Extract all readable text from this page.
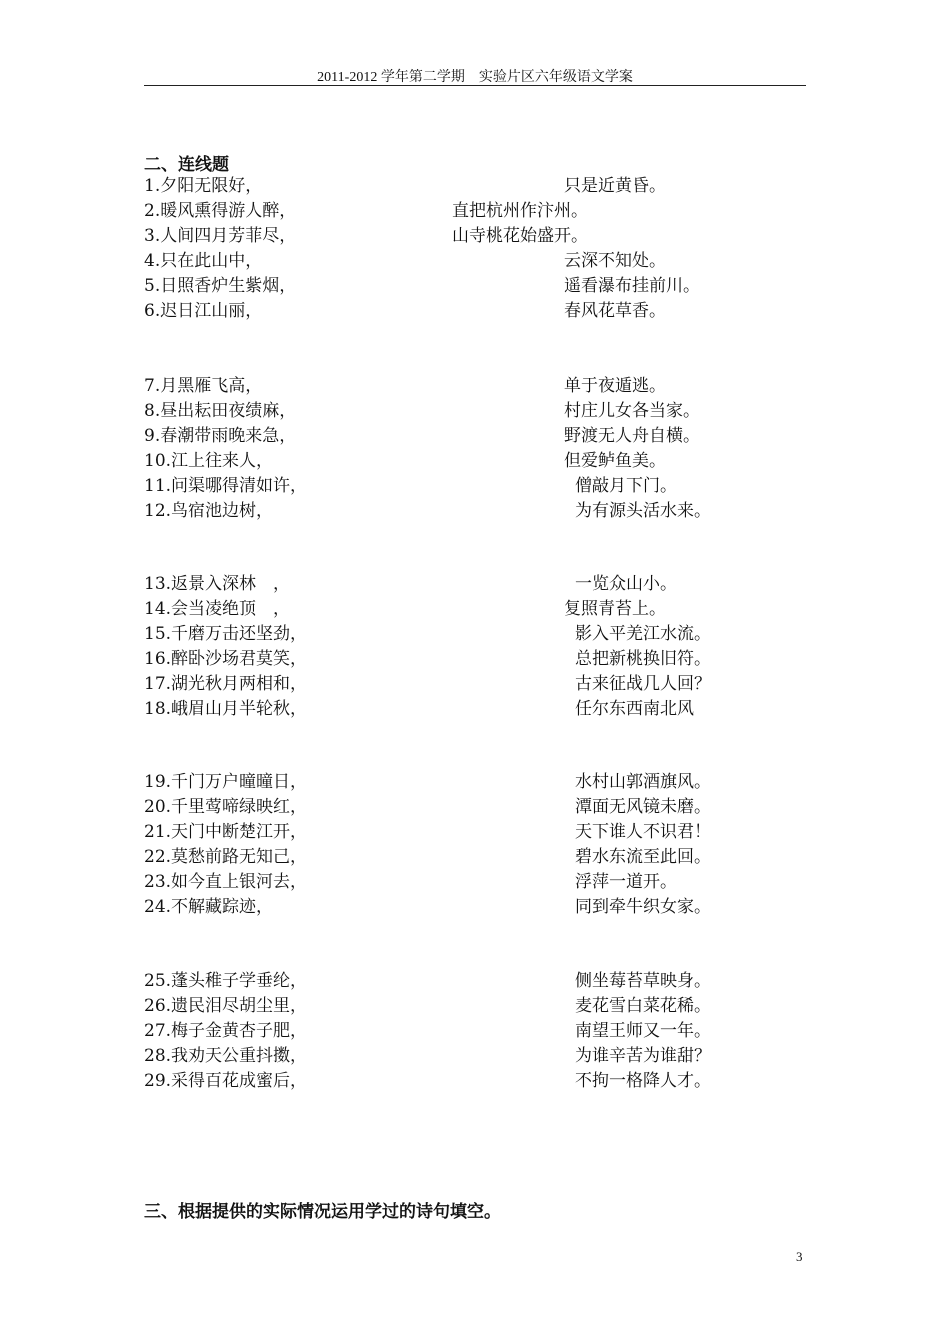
2011-2012 学年第二学期　实验片区六年级语文学案
二、连线题
1.夕阳无限好，
2.暖风熏得游人醉，
3.人间四月芳菲尽，
4.只在此山中，
5.日照香炉生紫烟，
6.迟日江山丽，
只是近黄昏。
直把杭州作汴州。
山寺桃花始盛开。
云深不知处。
遥看瀑布挂前川。
春风花草香。
7.月黑雁飞高，
8.昼出耘田夜绩麻，
9.春潮带雨晚来急，
10.江上往来人，
11.问渠哪得清如许，
12.鸟宿池边树，
单于夜遁逃。
村庄儿女各当家。
野渡无人舟自横。
但爱鲈鱼美。
僧敲月下门。
为有源头活水来。
13.返景入深林　，
14.会当凌绝顶　，
15.千磨万击还坚劲，
16.醉卧沙场君莫笑，
17.湖光秋月两相和，
18.峨眉山月半轮秋，
一览众山小。
复照青苔上。
影入平羌江水流。
总把新桃换旧符。
古来征战几人回？
任尔东西南北风
19.千门万户曈曈日，
20.千里莺啼绿映红，
21.天门中断楚江开，
22.莫愁前路无知己，
23.如今直上银河去，
24.不解藏踪迹，
水村山郭酒旗风。
潭面无风镜未磨。
天下谁人不识君！
碧水东流至此回。
浮萍一道开。
同到牵牛织女家。
25.蓬头稚子学垂纶，
26.遗民泪尽胡尘里，
27.梅子金黄杏子肥，
28.我劝天公重抖擞，
29.采得百花成蜜后，
侧坐莓苔草映身。
麦花雪白菜花稀。
南望王师又一年。
为谁辛苦为谁甜？
不拘一格降人才。
三、根据提供的实际情况运用学过的诗句填空。
3
